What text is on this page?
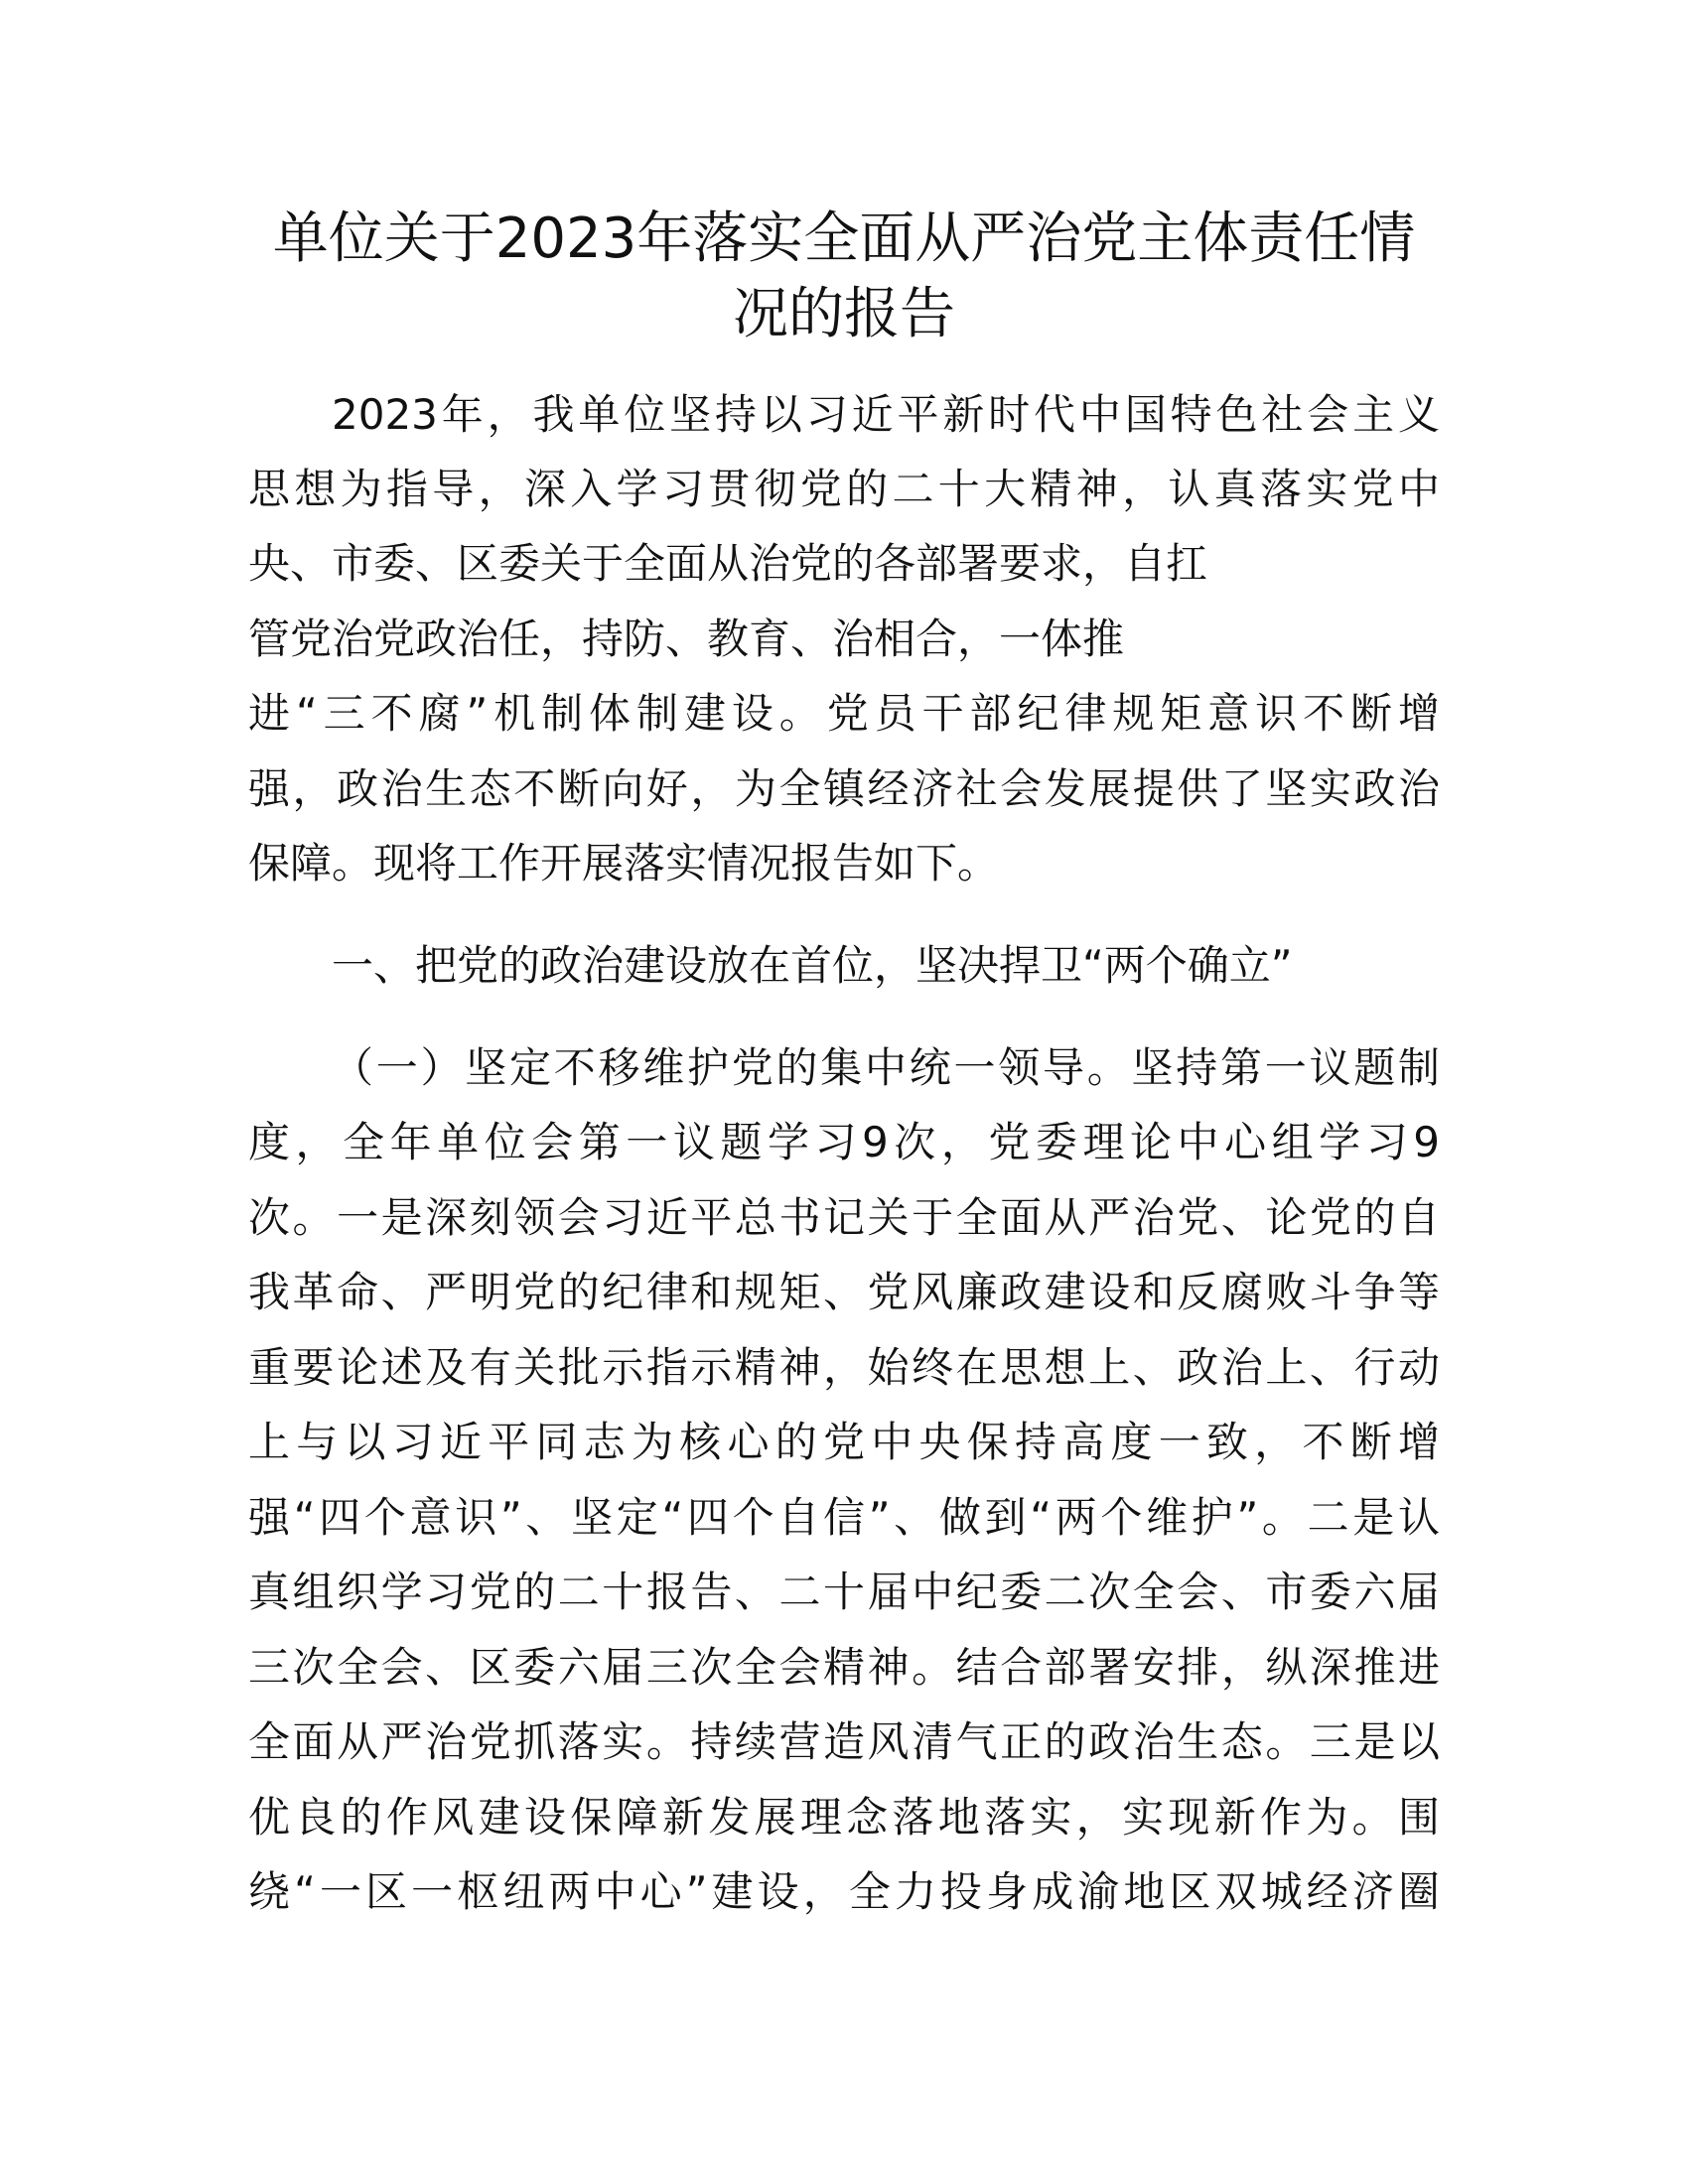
单位关于2023年落实全面从严治党主体责任情
况的报告
2023年，我单位坚持以习近平新时代中国特色社会主义
思想为指导，深入学习贯彻党的二十大精神，认真落实党中
央、市委、区委关于全面从治党的各部署要求，自扛
管党治党政治任，持防、教育、治相合，一体推
进“三不腐”机制体制建设。党员干部纪律规矩意识不断增
强，政治生态不断向好，为全镇经济社会发展提供了坚实政治
保障。现将工作开展落实情况报告如下。
一、把党的政治建设放在首位，坚决捍卫“两个确立”
（一）坚定不移维护党的集中统一领导。坚持第一议题制
度，全年单位会第一议题学习9次，党委理论中心组学习9
次。一是深刻领会习近平总书记关于全面从严治党、论党的自
我革命、严明党的纪律和规矩、党风廉政建设和反腐败斗争等
重要论述及有关批示指示精神，始终在思想上、政治上、行动
上与以习近平同志为核心的党中央保持高度一致，不断增
强“四个意识”、坚定“四个自信”、做到“两个维护”。二是认
真组织学习党的二十报告、二十届中纪委二次全会、市委六届
三次全会、区委六届三次全会精神。结合部署安排，纵深推进
全面从严治党抓落实。持续营造风清气正的政治生态。三是以
优良的作风建设保障新发展理念落地落实，实现新作为。围
绕“一区一枢纽两中心”建设，全力投身成渝地区双城经济圈
